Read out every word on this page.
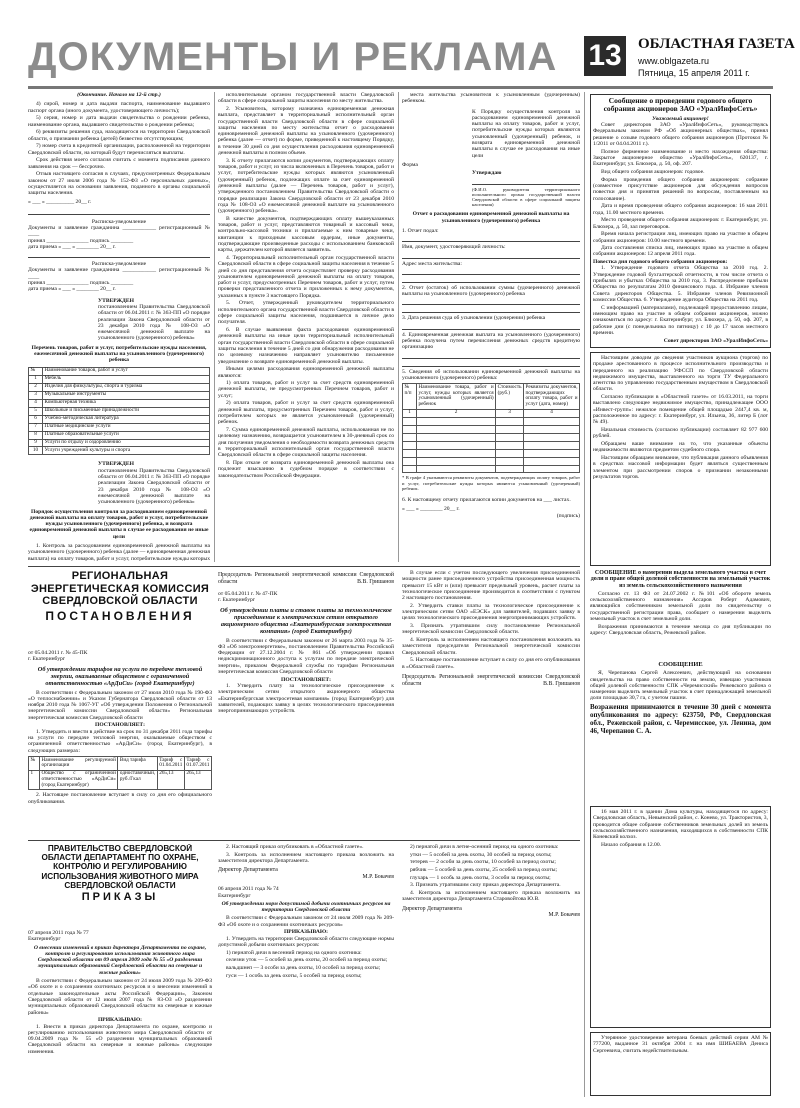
ДОКУМЕНТЫ И РЕКЛАМА 13 ОБЛАСТНАЯ ГАЗЕТА
www.oblgazeta.ru
Пятница, 15 апреля 2011 г.
(Окончание. Начало на 12-й стр.)

4) сирой, номер и дата выдачи паспорта, наименование выдавшего паспорт органа (иного документа, удостоверяющего личность);

5) серия, номер и дата выдачи свидетельства о рождении ребенка, наименование органа, выдавшего свидетельство о рождении ребенка;

6) реквизиты решения суда, находящегося на территории Свердловской области, о признании ребенка (детей) безвестно отсутствующим;

7) номер счета в кредитной организации, расположенной на территории Свердловской области, на который будут перечисляться выплаты.

Срок действия моего согласия считать с момента подписания данного заявления на срок — бессрочно.

Отзыв настоящего согласия в случаях, предусмотренных Федеральным законом от 27 июля 2006 года № 152-ФЗ «О персональных данных», осуществляется на основании заявления, поданного в органы социальной защиты населения.

« ___ » __________ 20__ г.
Расписка-уведомление
Документы и заявление гражданина ____________ регистрационный № ____
принял _______________ подпись ________
дата приема « ___ » ________ 20__ г.
Расписка-уведомление
Документы и заявление гражданина ____________ регистрационный № ____
принял _______________ подпись ________
дата приема « ___ » ________ 20__ г.
УТВЕРЖДЕН
постановлением Правительства Свердловской области от 06.04.2011 г. № 363-ПП «О порядке реализации Закона Свердловской области от 23 декабря 2010 года № 108-ОЗ «О ежемесячной денежной выплате на усыновленного (удочеренного) ребенка»
Перечень товаров, работ и услуг, потребительские нужды населения, ежемесячной денежной выплаты на усыновленного (удочеренного) ребенка
№	Наименование товаров, работ и услуг
1	Мебель
2	Изделия для физкультуры, спорта и туризма
3	Музыкальные инструменты
4	Компьютерная техника
5	Школьные и письменные принадлежности
6	Учебно-методическая литература
7	Платные медицинские услуги
8	Платные образовательные услуги
9	Услуги по отдыху и оздоровлению
10	Услуги учреждений культуры и спорта
УТВЕРЖДЕН
постановлением Правительства Свердловской области от 06.04.2011 г. № 363-ПП «О порядке реализации Закона Свердловской области от 23 декабря 2010 года № 108-ОЗ «О ежемесячной денежной выплате на усыновленного (удочеренного) ребенка»
Порядок осуществления контроля за расходованием единовременной денежной выплаты на оплату товаров, работ и услуг, потребительские нужды усыновленного (удочеренного) ребенка, и возврата единовременной денежной выплаты в случае ее расходования не иные цели

1. Контроль за расходованием единовременной денежной выплаты на усыновленного (удочеренного) ребенка (далее — единовременная денежная выплата) на оплату товаров, работ и услуг, потребительские нужды которых

исполнительным органом государственной власти Свердловской области в сфере социальной защиты населения по месту жительства.

2. Усыновитель, которому назначена единовременная денежная выплата, представляет в территориальный исполнительный орган государственной власти Свердловской области в сфере социальной защиты населения по месту жительства отчет о расходовании единовременной денежной выплаты на усыновленного (удочеренного) ребенка (далее — отчет) по форме, приведенной к настоящему Порядку, в течение 30 дней со дня осуществления расходования единовременной денежной выплаты в полном объеме.

3. К отчету прилагаются копии документов, подтверждающих оплату товаров, работ и услуг, из числа включенных в Перечень товаров, работ и услуг, потребительские нужды которых являются усыновленный (удочеренный) ребенок, подлежащих оплате за счет единовременной денежной выплаты (далее — Перечень товаров, работ и услуг), утвержденного постановлением Правительства Свердловской области о порядке реализации Закона Свердловской области от 23 декабря 2010 года № 108-ОЗ «О ежемесячной денежной выплате на усыновленного (удочеренного) ребенка».

В качестве документов, подтверждающих оплату вышеуказанных товаров, работ и услуг, представляются товарный и кассовый чеки, контрольно-кассовой техники и прилагаемые к ним товарные чеки, квитанции к приходным кассовым ордерам, иные документы, подтверждающие произведенные расходы с использованием банковской карты, держателем которой является заявитель.

4. Территориальный исполнительный орган государственной власти Свердловской области в сфере социальной защиты населения в течение 5 дней со дня представления отчета осуществляет проверку расходования усыновителем единовременной денежной выплаты на оплату товаров, работ и услуг, предусмотренных Перечнем товаров, работ и услуг, путем проверки представленного отчета и приложенных к нему документов, указанных в пункте 3 настоящего Порядка.

5. Отчет, утвержденный руководителем территориального исполнительного органа государственной власти Свердловской области в сфере социальной защиты населения, подшивается в личное дело получателя.

6. В случае выявления факта расходования единовременной денежной выплаты на иные цели территориальный исполнительный орган государственной власти Свердловской области в сфере социальной защиты населения в течение 5 дней со дня обнаружения расходования не по целевому назначению направляет усыновителю письменное уведомление о возврате единовременной денежной выплаты.

Иными целями расходования единовременной денежной выплаты являются:

1) оплата товаров, работ и услуг за счет средств единовременной денежной выплаты, не предусмотренных Перечнем товаров, работ и услуг;

2) оплата товаров, работ и услуг за счет средств единовременной денежной выплаты, предусмотренных Перечнем товаров, работ и услуг, потребителем которых не является усыновленный (удочеренный) ребенок.

7. Сумма единовременной денежной выплаты, использованная не по целевому назначению, возвращается усыновителем в 30-дневный срок со дня получения уведомления о необходимости возврата денежных средств в территориальный исполнительный орган государственной власти Свердловской области в сфере социальной защиты населения.

8. При отказе от возврата единовременной денежной выплаты она подлежит взысканию в судебном порядке в соответствии с законодательством Российской Федерации.

места жительства усыновителя к усыновленным (удочеренным) ребенком.

К Порядку осуществления контроля за расходованием единовременной денежной выплаты на оплату товаров, работ и услуг, потребительские нужды которых являются усыновленный (удочеренный) ребенок, и возврата единовременной денежной выплаты в случае ее расходования на иные цели
Форма
Утверждаю
(Ф.И.О. руководителя территориального исполнительного органа государственной власти Свердловской области в сфере социальной защиты населения)
Отчет о расходовании единовременной денежной выплаты на усыновленного (удочеренного) ребенка
1. Отчет подал:
Имя, документ, удостоверяющий личность:
Адрес места жительства:
2. Отчет (остаток) об использовании суммы (удочеренного) денежной выплаты на усыновленного (удочеренного) ребенка
3. Дата решения суда об усыновлении (удочерении) ребенка
4. Единовременная денежная выплата на усыновленного (удочеренного) ребенка получена путем перечисления денежных средств кредитную организацию
5. Сведения об использовании единовременной денежной выплаты на усыновленного (удочеренного) ребенка:
№ п/п	Наименование товара, работ и услуг, нужды которых является усыновленный (удочеренный) ребенок	Стоимость (руб.)	Реквизиты документов, подтверждающих оплату товара, работ и услуг (дата, номер)
1	2	3	4

* В графе 4 указываются реквизиты документов, подтверждающих оплату товаров, работ и услуг, потребительские нужды которых являются усыновленный (удочеренный) ребенок.
6. К настоящему отчету прилагаются копии документов на ___ листах.
« ___ » ________ 20__ г.
(подпись)
Сообщение о проведении годового общего собрания акционеров ЗАО «УралИнфоСеть»
Уважаемый акционер!

Совет директоров ЗАО «УралИнфоСеть», руководствуясь Федеральным законом РФ «Об акционерных обществах», принял решение о созыве годового общего собрания акционеров (Протокол № 1/2011 от 04.04.2011 г.).

Полное фирменное наименование и место нахождения общества: Закрытое акционерное общество «УралИнфоСеть», 620137, г. Екатеринбург, ул. Блюхера, д. 50, оф. 207.

Вид общего собрания акционеров: годовое.

Форма проведения общего собрания акционеров: собрание (совместное присутствие акционеров для обсуждения вопросов повестки дня и принятия решений по вопросам, поставленным на голосование).

Дата и время проведения общего собрания акционеров: 16 мая 2011 года, 11.00 местного времени.

Место проведения общего собрания акционеров: г. Екатеринбург, ул. Блюхера, д. 50, зал переговоров.

Время начала регистрации лиц, имеющих право на участие в общем собрании акционеров: 10.00 местного времени.

Дата составления списка лиц, имеющих право на участие в общем собрании акционеров: 12 апреля 2011 года.

Повестка дня годового общего собрания акционеров:

1. Утверждение годового отчета Общества за 2010 год. 2. Утверждение годовой бухгалтерской отчетности, в том числе отчета о прибылях и убытках Общества за 2010 год. 3. Распределение прибыли Общества по результатам 2010 финансового года. 4. Избрание членов Совета директоров Общества. 5. Избрание членов Ревизионной комиссии Общества. 6. Утверждение аудитора Общества на 2011 год.

С информацией (материалами), подлежащей предоставлению лицам, имеющим право на участие в общем собрании акционеров, можно ознакомиться по адресу: г. Екатеринбург, ул. Блюхера, д. 50, оф. 207, в рабочие дни (с понедельника по пятницу) с 10 до 17 часов местного времени.

Совет директоров ЗАО «УралИнфоСеть»

Настоящим доводим до сведения участников аукциона (торгов) по продаже арестованного в процессе исполнительного производства и переданного на реализацию УФССП по Свердловской области недвижимого имущества, выставленного на торги ТУ Федерального агентства по управлению государственным имуществом в Свердловской области.

Согласно публикации в «Областной газете» от 16.03.2011, на торги выставлено следующее недвижимое имущество, принадлежащее ООО «Инвест-групп»: нежилое помещение общей площадью 2447,4 кв. м, расположенное по адресу: г. Екатеринбург, ул. Ильича, 36, литер Б (лот № 49).

Начальная стоимость (согласно публикации) составляет 82 977 600 рублей.

Обращаем ваше внимание на то, что указанные объекты недвижимости являются предметом судебного спора.

Настоящим обращаем внимание, что публикация данного объявления в средствах массовой информации будет являться существенным элементом при рассмотрении споров о признании незаконными результатов торгов.

СООБЩЕНИЕ о намерении выдела земельного участка в счет доли в праве общей долевой собственности на земельный участок из земель сельскохозяйственного назначения

Согласно ст. 13 ФЗ от 24.07.2002 г. №101 «Об обороте земель сельскохозяйственного назначения» Ассаров Роберт Адамович, являющийся собственником земельной доли по свидетельству о государственной регистрации права, сообщает о намерении выделить земельный участок в счет земельной доли.

Возражения принимаются в течение месяца со дня публикации по адресу: Свердловская область, Режевской район.

СООБЩЕНИЕ

Я, Черепанова Сергей Алексеевич, действующий на основании свидетельства на право собственности на землю, извещаю участников общей долевой собственности СПК «Черемисский» Режевского района о намерении выделить земельный участок в счет принадлежащей земельной доли площадью 30,7 га, с учетом пашни.

Возражения принимаются в течение 30 дней с момента опубликования по адресу: 623750, РФ, Свердловская обл., Режевской район, с. Черемисское, ул. Ленина, дом 46, Черепанов С. А.

16 мая 2011 г. в здании Дома культуры, находящегося по адресу: Свердловская область, Невьянский район, с. Конево, ул. Трактористов, 3, проводится общее собрание собственников земельных долей из земель сельскохозяйственного назначения, находящихся в собственности СПК Коневский колхоз.

Начало собрания в 12.00.

Утерянное удостоверение ветерана боевых действий серии АМ № 777200, выданное 31 октября 2004 г. на имя ШИБАЕВА Дениса Сергеевича, считать недействительным.

РЕГИОНАЛЬНАЯ ЭНЕРГЕТИЧЕСКАЯ КОМИССИЯ СВЕРДЛОВСКОЙ ОБЛАСТИ
ПОСТАНОВЛЕНИЯ
от 05.04.2011 г. № 45-ПК
г. Екатеринбург
Об утверждении тарифов на услуги по передаче тепловой энергии, оказываемые обществом с ограниченной ответственностью «АрДиСи» (город Екатеринбург)

В соответствии с Федеральным законом от 27 июля 2010 года № 190-ФЗ «О теплоснабжении» и Указом Губернатора Свердловской области от 13 ноября 2010 года № 1067-УГ «Об утверждении Положения о Региональной энергетической комиссии Свердловской области» Региональная энергетическая комиссия Свердловской области

ПОСТАНОВЛЯЕТ:

1. Утвердить и ввести в действие на срок по 31 декабря 2011 года тарифы на услуги по передаче тепловой энергии, оказываемые обществом с ограниченной ответственностью «АрДиСи» (город Екатеринбург), в следующих размерах:

№	Наименование регулируемой организации	Вид тарифа	Тариф с 01.04.2011	Тариф с 01.07.2011
1	Общество с ограниченной ответственностью «АрДиСи» (город Екатеринбург)	одноставочный, руб./Гкал	265,13	265,13

2. Настоящее постановление вступает в силу со дня его официального опубликования.

Председатель Региональной энергетической комиссии Свердловской области	В.В. Гришанов
от 05.04.2011 г. № 47-ПК
г. Екатеринбург
Об утверждении платы и ставок платы за технологическое присоединение к электрическим сетям открытого акционерного общества «Екатеринбургская электросетевая компания» (город Екатеринбург)

В соответствии с Федеральным законом от 26 марта 2003 года № 35-ФЗ «Об электроэнергетике», постановлением Правительства Российской Федерации от 27.12.2004 г. № 861 «Об утверждении правил недискриминационного доступа к услугам по передаче электрической энергии», приказом Федеральной службы по тарифам Региональная энергетическая комиссия Свердловской области

ПОСТАНОВЛЯЕТ:

1. Утвердить плату за технологическое присоединение к электрическим сетям открытого акционерного общества «Екатеринбургская электросетевая компания» (город Екатеринбург) для заявителей, подающих заявку в целях технологического присоединения энергопринимающих устройств.

В случае если с учетом последующего увеличения присоединенной мощности ранее присоединенного устройства присоединенная мощность превысит 15 кВт и (или) превысит предельный уровень, расчет платы за технологическое присоединение производится в соответствии с пунктом 2 настоящего постановления.

2. Утвердить ставки платы за технологическое присоединение к электрическим сетям ОАО «ЕЭСК» для заявителей, подавших заявку в целях технологического присоединения энергопринимающих устройств.

3. Признать утратившим силу постановление Региональной энергетической комиссии Свердловской области.

4. Контроль за исполнением настоящего постановления возложить на заместителя председателя Региональной энергетической комиссии Свердловской области.

5. Настоящее постановление вступает в силу со дня его опубликования в «Областной газете».

Председатель Региональной энергетической комиссии Свердловской области	В.В. Гришанов
ПРАВИТЕЛЬСТВО СВЕРДЛОВСКОЙ ОБЛАСТИ ДЕПАРТАМЕНТ ПО ОХРАНЕ, КОНТРОЛЮ И РЕГУЛИРОВАНИЮ ИСПОЛЬЗОВАНИЯ ЖИВОТНОГО МИРА СВЕРДЛОВСКОЙ ОБЛАСТИ
ПРИКАЗЫ
07 апреля 2011 года № 77
Екатеринбург
О внесении изменений в приказ директора Департамента по охране, контролю и регулированию использования животного мира Свердловской области от 09 апреля 2009 года № 55 «О разделении муниципальных образований Свердловской области на северные и южные районы»

В соответствии с Федеральным законом от 24 июля 2009 года № 209-ФЗ «Об охоте и о сохранении охотничьих ресурсов и о внесении изменений в отдельные законодательные акты Российской Федерации», Законом Свердловской области от 12 июля 2007 года № 83-ОЗ «О разделении муниципальных образований Свердловской области на северные и южные районы»

ПРИКАЗЫВАЮ:

1. Внести в приказ директора Департамента по охране, контролю и регулированию использования животного мира Свердловской области от 09.04.2009 года № 55 «О разделении муниципальных образований Свердловской области на северные и южные районы» следующие изменения.

2. Настоящий приказ опубликовать в «Областной газете».

3. Контроль за исполнением настоящего приказа возложить на заместителя директора Департамента.

Директор Департамента
М.Р. Бокачев
06 апреля 2011 года № 74
Екатеринбург
Об утверждении норм допустимой добычи охотничьих ресурсов на территории Свердловской области

В соответствии с Федеральным законом от 24 июля 2009 года № 209-ФЗ «Об охоте и о сохранении охотничьих ресурсов»

ПРИКАЗЫВАЮ:

1. Утвердить на территории Свердловской области следующие нормы допустимой добычи охотничьих ресурсов:

1) пернатой дичи в весенний период на одного охотника:

селезни уток — 5 особей за день охоты, 20 особей за период охоты;

вальдшнеп — 3 особи за день охоты, 10 особей за период охоты;

гуси — 1 особь за день охоты, 5 особей за период охоты;

2) пернатой дичи в летне-осенний период на одного охотника:

утки — 5 особей за день охоты, 30 особей за период охоты;

тетерев — 2 особи за день охоты, 10 особей за период охоты;

рябчик — 5 особей за день охоты, 25 особей за период охоты;

глухарь — 1 особь за день охоты, 3 особи за период охоты;

3. Признать утратившим силу приказ директора Департамента.

4. Контроль за исполнением настоящего приказа возложить на заместителя директора Департамента Старовойтова Ю.В.

Директор Департамента
М.Р. Бокачев
